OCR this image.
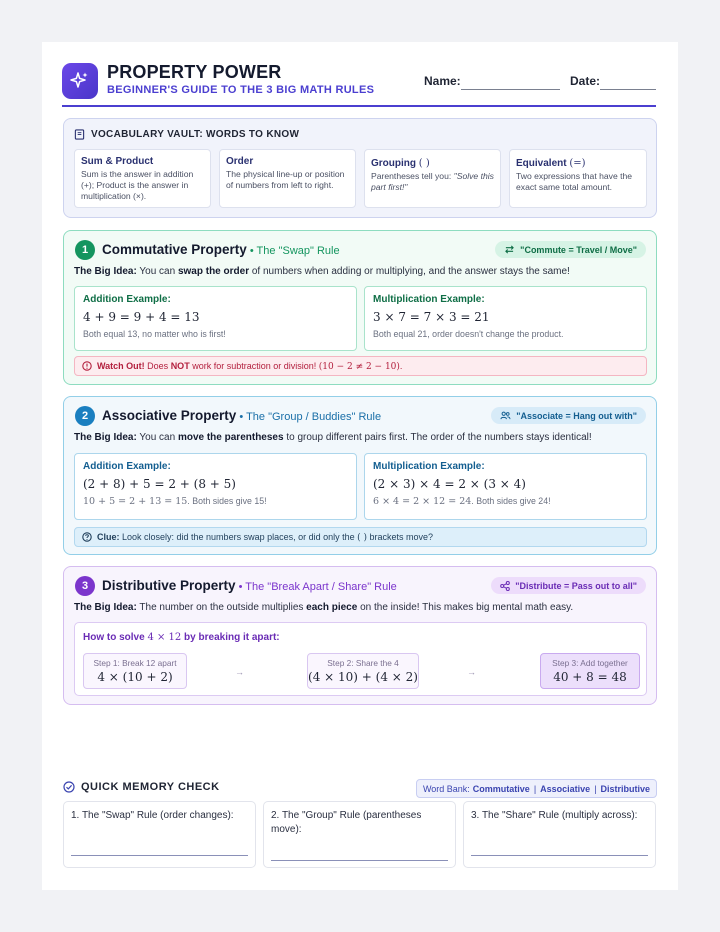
PROPERTY POWER
BEGINNER'S GUIDE TO THE 3 BIG MATH RULES
Name:	Date:
VOCABULARY VAULT: WORDS TO KNOW
Sum & Product
Sum is the answer in addition (+); Product is the answer in multiplication (×).
Order
The physical line-up or position of numbers from left to right.
Grouping ( )
Parentheses tell you: "Solve this part first!"
Equivalent (=)
Two expressions that have the exact same total amount.
1	Commutative Property • The "Swap" Rule	"Commute = Travel / Move"
The Big Idea: You can swap the order of numbers when adding or multiplying, and the answer stays the same!
Addition Example:
4 + 9 = 9 + 4 = 13
Both equal 13, no matter who is first!
Multiplication Example:
3 × 7 = 7 × 3 = 21
Both equal 21, order doesn't change the product.
Watch Out! Does NOT work for subtraction or division! (10 − 2 ≠ 2 − 10).
2	Associative Property • The "Group / Buddies" Rule	"Associate = Hang out with"
The Big Idea: You can move the parentheses to group different pairs first. The order of the numbers stays identical!
Addition Example:
(2 + 8) + 5 = 2 + (8 + 5)
10 + 5 = 2 + 13 = 15. Both sides give 15!
Multiplication Example:
(2 × 3) × 4 = 2 × (3 × 4)
6 × 4 = 2 × 12 = 24. Both sides give 24!
Clue: Look closely: did the numbers swap places, or did only the ( ) brackets move?
3	Distributive Property • The "Break Apart / Share" Rule	"Distribute = Pass out to all"
The Big Idea: The number on the outside multiplies each piece on the inside! This makes big mental math easy.
How to solve 4 × 12 by breaking it apart:
Step 1: Break 12 apart
4 × (10 + 2)	→
Step 2: Share the 4
(4 × 10) + (4 × 2)	→
Step 3: Add together
40 + 8 = 48
QUICK MEMORY CHECK	Word Bank: Commutative | Associative | Distributive
1. The "Swap" Rule (order changes):	2. The "Group" Rule (parentheses move):
3. The "Share" Rule (multiply across):
